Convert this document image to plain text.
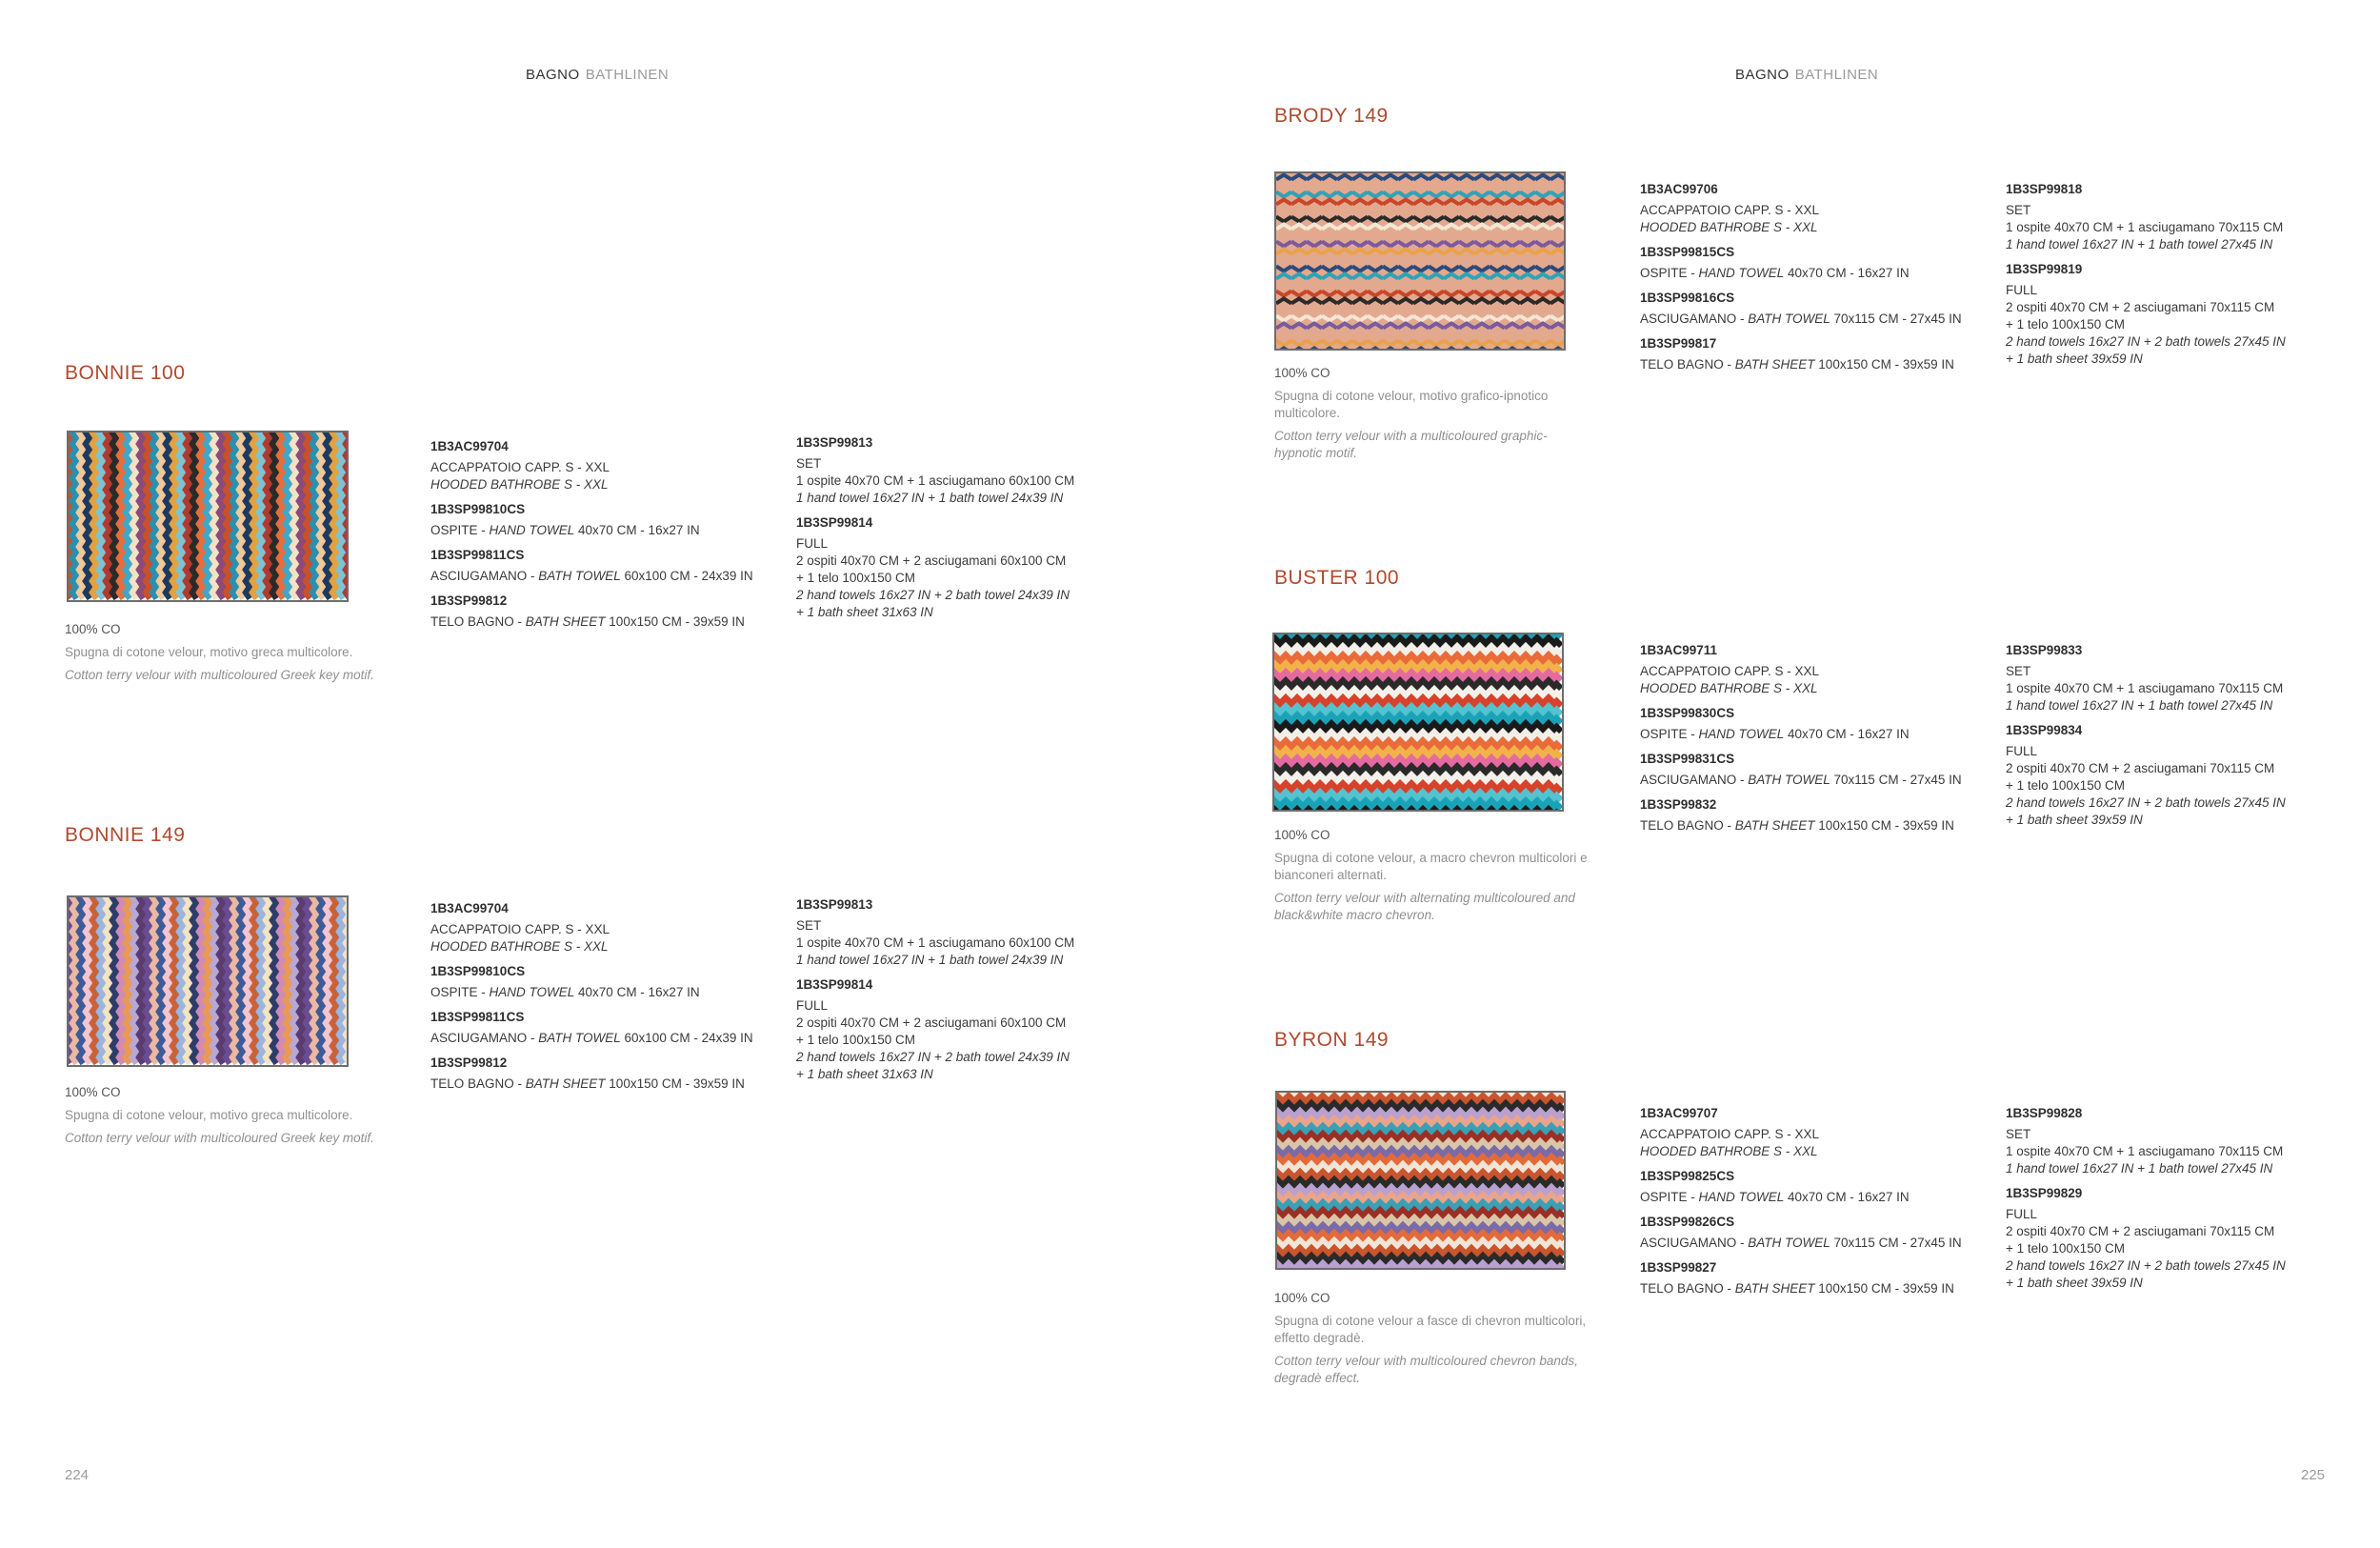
BAGNO BATHLINEN	BAGNO BATHLINEN
224	225
BONNIE 100
100% CO
Spugna di cotone velour, motivo greca multicolore.
Cotton terry velour with multicoloured Greek key motif.
1B3AC99704
ACCAPPATOIO CAPP. S - XXL
HOODED BATHROBE S - XXL
1B3SP99810CS
OSPITE - HAND TOWEL 40x70 CM - 16x27 IN
1B3SP99811CS
ASCIUGAMANO - BATH TOWEL 60x100 CM - 24x39 IN
1B3SP99812
TELO BAGNO - BATH SHEET 100x150 CM - 39x59 IN
1B3SP99813
SET
1 ospite 40x70 CM + 1 asciugamano 60x100 CM
1 hand towel 16x27 IN + 1 bath towel 24x39 IN
1B3SP99814
FULL
2 ospiti 40x70 CM + 2 asciugamani 60x100 CM
+ 1 telo 100x150 CM
2 hand towels 16x27 IN + 2 bath towel 24x39 IN
+ 1 bath sheet 31x63 IN
BONNIE 149
100% CO
Spugna di cotone velour, motivo greca multicolore.
Cotton terry velour with multicoloured Greek key motif.
1B3AC99704
ACCAPPATOIO CAPP. S - XXL
HOODED BATHROBE S - XXL
1B3SP99810CS
OSPITE - HAND TOWEL 40x70 CM - 16x27 IN
1B3SP99811CS
ASCIUGAMANO - BATH TOWEL 60x100 CM - 24x39 IN
1B3SP99812
TELO BAGNO - BATH SHEET 100x150 CM - 39x59 IN
1B3SP99813
SET
1 ospite 40x70 CM + 1 asciugamano 60x100 CM
1 hand towel 16x27 IN + 1 bath towel 24x39 IN
1B3SP99814
FULL
2 ospiti 40x70 CM + 2 asciugamani 60x100 CM
+ 1 telo 100x150 CM
2 hand towels 16x27 IN + 2 bath towel 24x39 IN
+ 1 bath sheet 31x63 IN
BRODY 149
100% CO
Spugna di cotone velour, motivo grafico-ipnotico multicolore.
Cotton terry velour with a multicoloured graphic-hypnotic motif.
1B3AC99706
ACCAPPATOIO CAPP. S - XXL
HOODED BATHROBE S - XXL
1B3SP99815CS
OSPITE - HAND TOWEL 40x70 CM - 16x27 IN
1B3SP99816CS
ASCIUGAMANO - BATH TOWEL 70x115 CM - 27x45 IN
1B3SP99817
TELO BAGNO - BATH SHEET 100x150 CM - 39x59 IN
1B3SP99818
SET
1 ospite 40x70 CM + 1 asciugamano 70x115 CM
1 hand towel 16x27 IN + 1 bath towel 27x45 IN
1B3SP99819
FULL
2 ospiti 40x70 CM + 2 asciugamani 70x115 CM
+ 1 telo 100x150 CM
2 hand towels 16x27 IN + 2 bath towels 27x45 IN
+ 1 bath sheet 39x59 IN
BUSTER 100
100% CO
Spugna di cotone velour, a macro chevron multicolori e bianconeri alternati.
Cotton terry velour with alternating multicoloured and black&white macro chevron.
1B3AC99711
ACCAPPATOIO CAPP. S - XXL
HOODED BATHROBE S - XXL
1B3SP99830CS
OSPITE - HAND TOWEL 40x70 CM - 16x27 IN
1B3SP99831CS
ASCIUGAMANO - BATH TOWEL 70x115 CM - 27x45 IN
1B3SP99832
TELO BAGNO - BATH SHEET 100x150 CM - 39x59 IN
1B3SP99833
SET
1 ospite 40x70 CM + 1 asciugamano 70x115 CM
1 hand towel 16x27 IN + 1 bath towel 27x45 IN
1B3SP99834
FULL
2 ospiti 40x70 CM + 2 asciugamani 70x115 CM
+ 1 telo 100x150 CM
2 hand towels 16x27 IN + 2 bath towels 27x45 IN
+ 1 bath sheet 39x59 IN
BYRON 149
100% CO
Spugna di cotone velour a fasce di chevron multicolori, effetto degradè.
Cotton terry velour with multicoloured chevron bands, degradè effect.
1B3AC99707
ACCAPPATOIO CAPP. S - XXL
HOODED BATHROBE S - XXL
1B3SP99825CS
OSPITE - HAND TOWEL 40x70 CM - 16x27 IN
1B3SP99826CS
ASCIUGAMANO - BATH TOWEL 70x115 CM - 27x45 IN
1B3SP99827
TELO BAGNO - BATH SHEET 100x150 CM - 39x59 IN
1B3SP99828
SET
1 ospite 40x70 CM + 1 asciugamano 70x115 CM
1 hand towel 16x27 IN + 1 bath towel 27x45 IN
1B3SP99829
FULL
2 ospiti 40x70 CM + 2 asciugamani 70x115 CM
+ 1 telo 100x150 CM
2 hand towels 16x27 IN + 2 bath towels 27x45 IN
+ 1 bath sheet 39x59 IN
